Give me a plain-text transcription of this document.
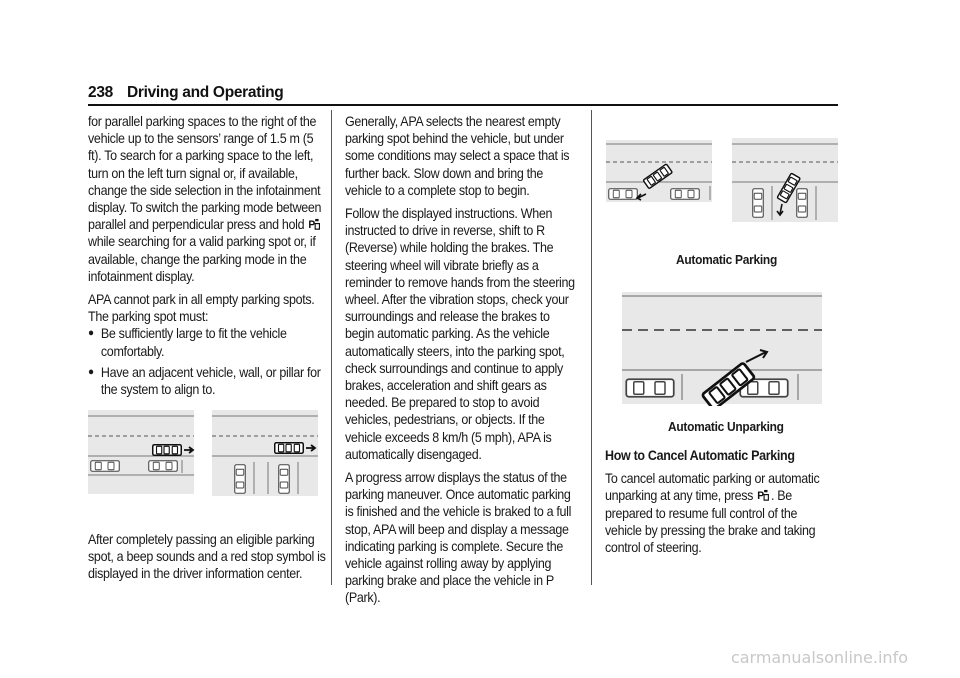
238 Driving and Operating

for parallel parking spaces to the right of the vehicle up to the sensors’ range of 1.5 m (5 ft). To search for a parking space to the left, turn on the left turn signal or, if available, change the side selection in the infotainment display. To switch the parking mode between parallel and perpendicular press and hold  while searching for a valid parking spot or, if available, change the parking mode in the infotainment display.

APA cannot park in all empty parking spots. The parking spot must:

● Be sufficiently large to fit the vehicle comfortably.
● Have an adjacent vehicle, wall, or pillar for the system to align to.

After completely passing an eligible parking spot, a beep sounds and a red stop symbol is displayed in the driver information center.

Generally, APA selects the nearest empty parking spot behind the vehicle, but under some conditions may select a space that is further back. Slow down and bring the vehicle to a complete stop to begin.

Follow the displayed instructions. When instructed to drive in reverse, shift to R (Reverse) while holding the brakes. The steering wheel will vibrate briefly as a reminder to remove hands from the steering wheel. After the vibration stops, check your surroundings and release the brakes to begin automatic parking. As the vehicle automatically steers, into the parking spot, check surroundings and continue to apply brakes, acceleration and shift gears as needed. Be prepared to stop to avoid vehicles, pedestrians, or objects. If the vehicle exceeds 8 km/h (5 mph), APA is automatically disengaged.

A progress arrow displays the status of the parking maneuver. Once automatic parking is finished and the vehicle is braked to a full stop, APA will beep and display a message indicating parking is complete. Secure the vehicle against rolling away by applying parking brake and place the vehicle in P (Park).

Automatic Parking
Automatic Unparking

How to Cancel Automatic Parking

To cancel automatic parking or automatic unparking at any time, press . Be prepared to resume full control of the vehicle by pressing the brake and taking control of steering.

carmanualsonline.info
